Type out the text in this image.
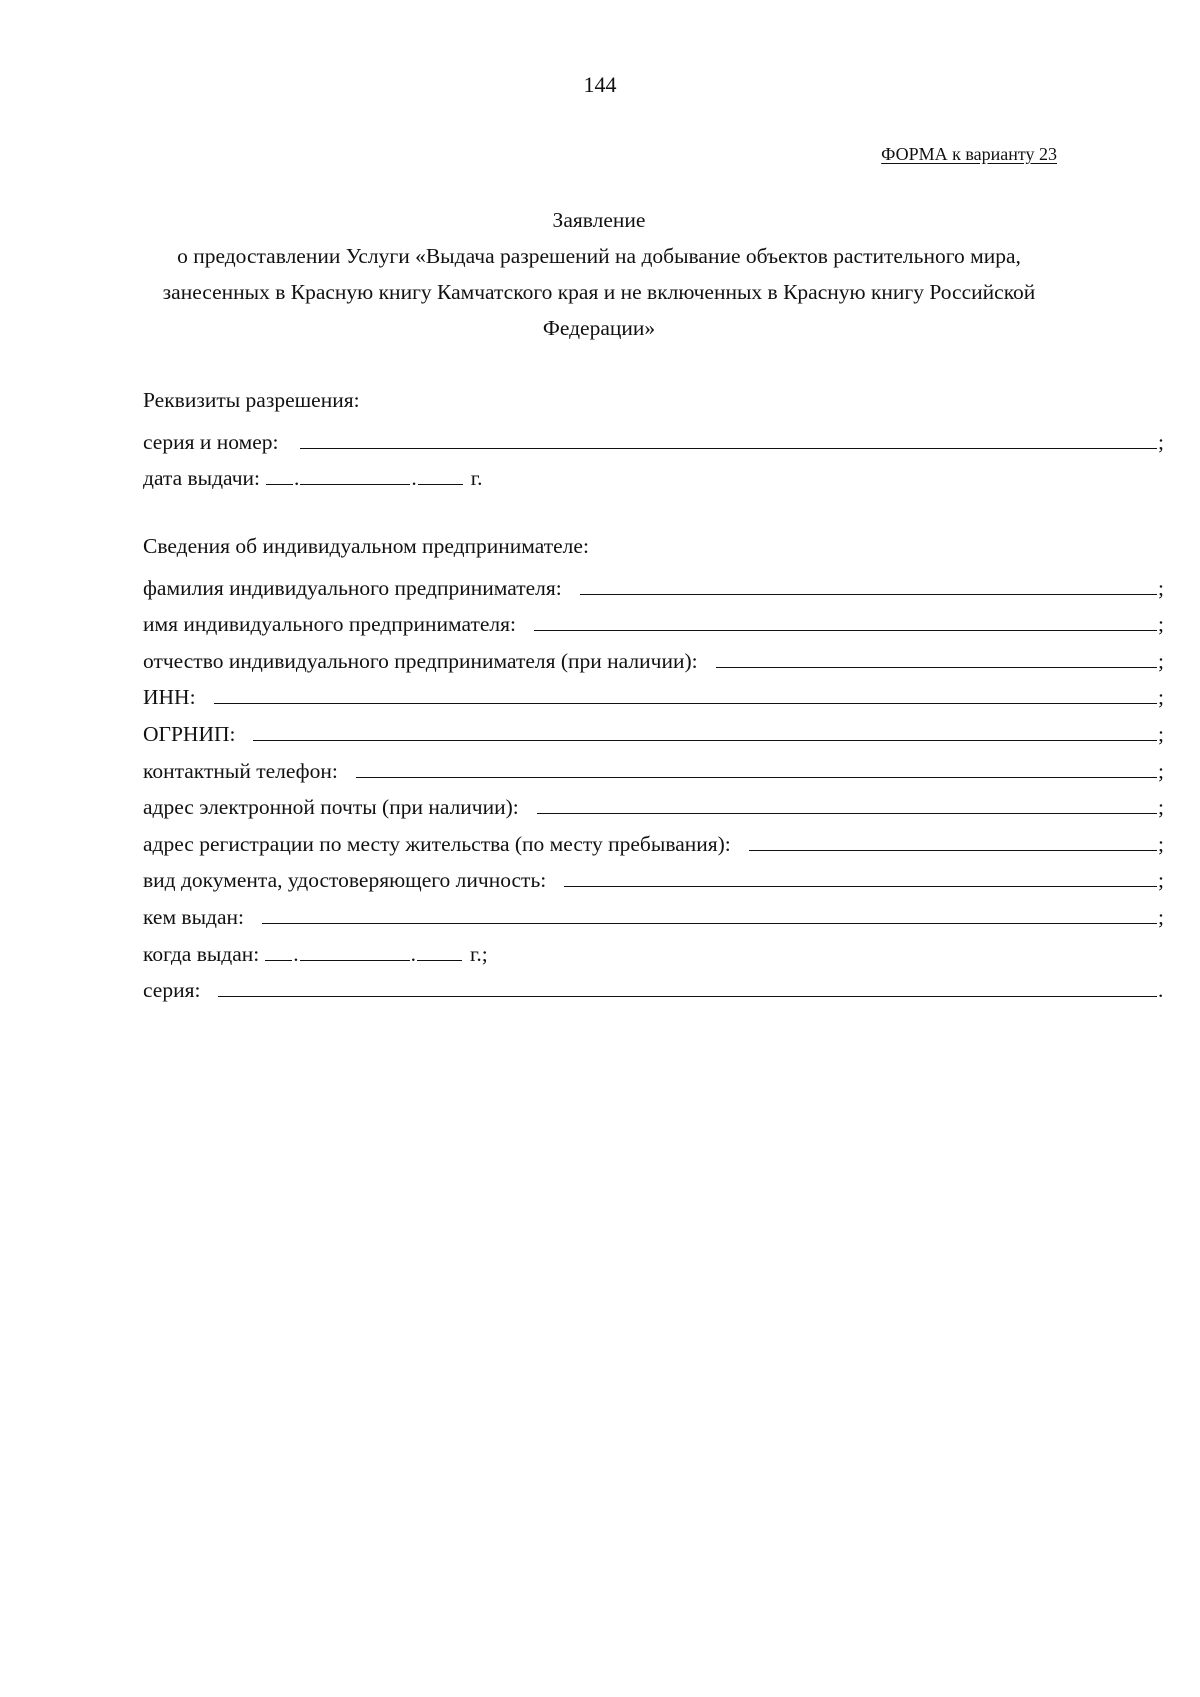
144
ФОРМА к варианту 23
Заявление
о предоставлении Услуги «Выдача разрешений на добывание объектов растительного мира, занесенных в Красную книгу Камчатского края и не включенных в Красную книгу Российской Федерации»
Реквизиты разрешения:
серия и номер:	;
дата выдачи: .	.	г.
Сведения об индивидуальном предпринимателе:
фамилия индивидуального предпринимателя:	;
имя индивидуального предпринимателя:	;
отчество индивидуального предпринимателя (при наличии):	;
ИНН:	;
ОГРНИП:	;
контактный телефон:	;
адрес электронной почты (при наличии):	;
адрес регистрации по месту жительства (по месту пребывания):	;
вид документа, удостоверяющего личность:	;
кем выдан:	;
когда выдан: .	.	г.;
серия:	.
